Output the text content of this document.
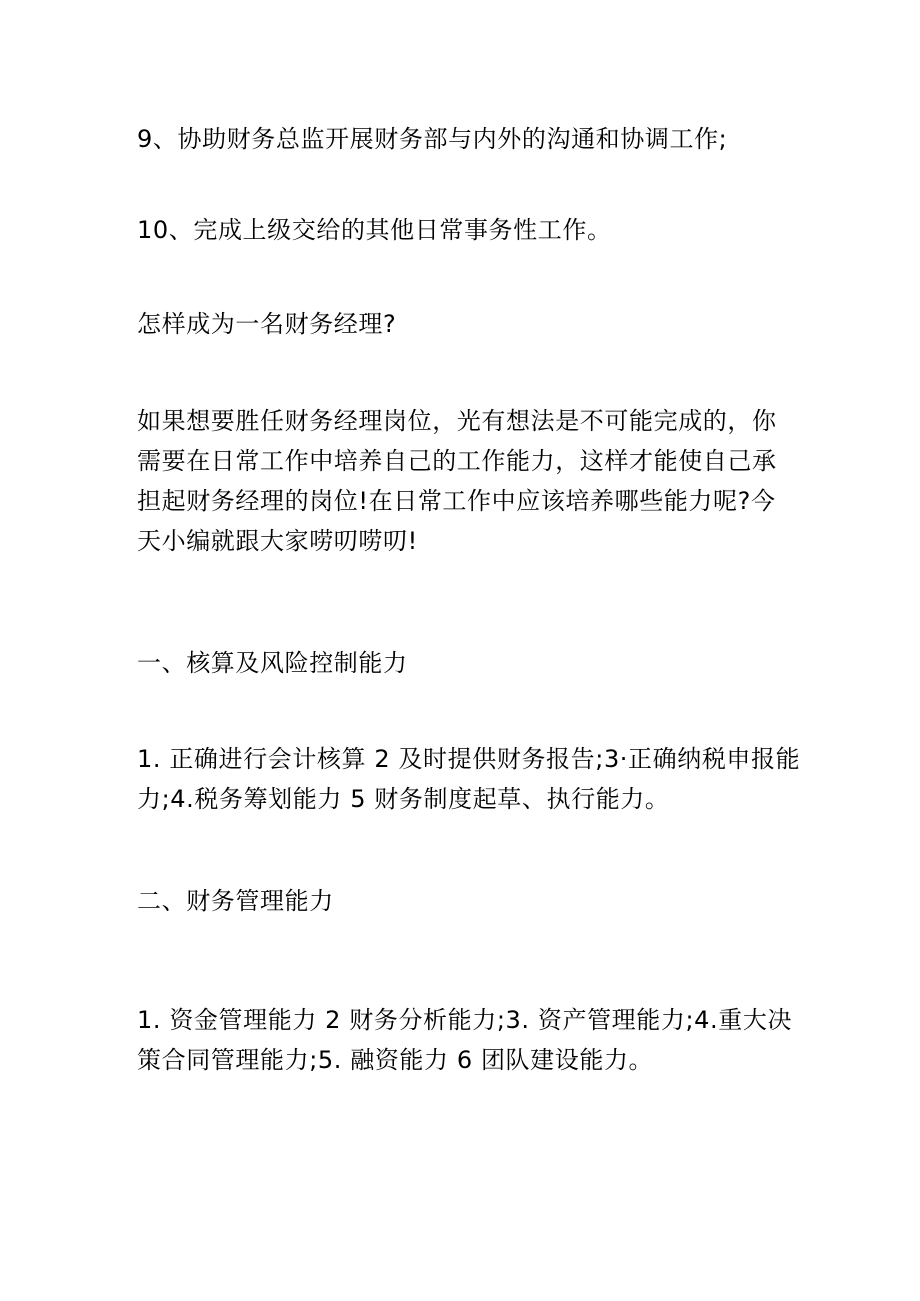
9、协助财务总监开展财务部与内外的沟通和协调工作;
10、完成上级交给的其他日常事务性工作。
怎样成为一名财务经理?
如果想要胜任财务经理岗位，光有想法是不可能完成的，你
需要在日常工作中培养自己的工作能力，这样才能使自己承
担起财务经理的岗位!在日常工作中应该培养哪些能力呢?今
天小编就跟大家唠叨唠叨!
一、核算及风险控制能力
1. 正确进行会计核算 2 及时提供财务报告;3·正确纳税申报能
力;4.税务筹划能力 5 财务制度起草、执行能力。
二、财务管理能力
1. 资金管理能力 2 财务分析能力;3. 资产管理能力;4.重大决
策合同管理能力;5. 融资能力 6 团队建设能力。
